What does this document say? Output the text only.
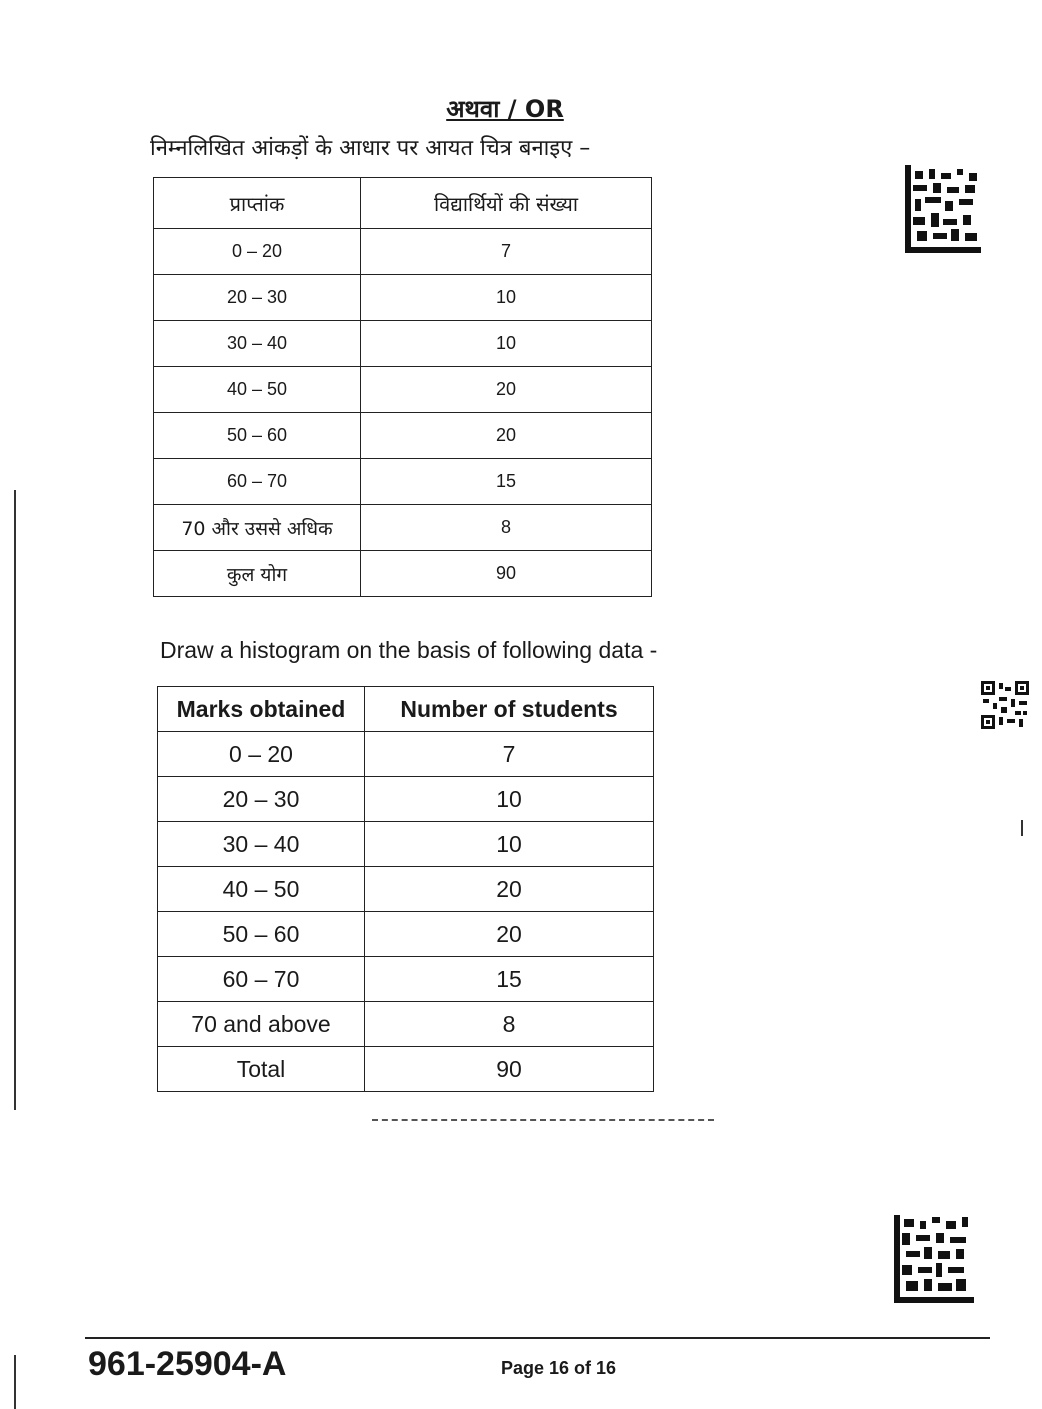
अथवा / OR
निम्नलिखित आंकड़ों के आधार पर आयत चित्र बनाइए –
प्राप्तांक	विद्यार्थियों की संख्या
0 – 20	7
20 – 30	10
30 – 40	10
40 – 50	20
50 – 60	20
60 – 70	15
70 और उससे अधिक	8
कुल योग	90
Draw a histogram on the basis of following data -
Marks obtained	Number of students
0 – 20	7
20 – 30	10
30 – 40	10
40 – 50	20
50 – 60	20
60 – 70	15
70 and above	8
Total	90
961-25904-A	Page 16 of 16
